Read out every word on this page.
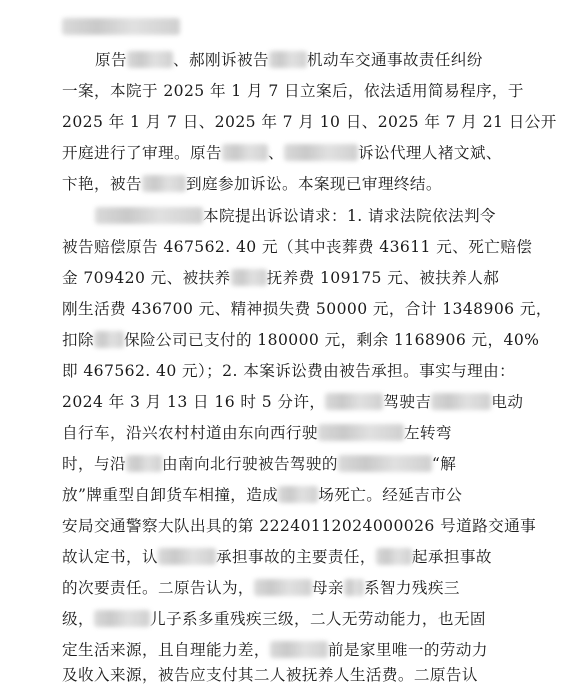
原告	、郝刚诉被告 机动车交通事故责任纠纷
一案，本院于 2025 年 1 月 7 日立案后，依法适用简易程序，于
2025 年 1 月 7 日、2025 年 7 月 10 日、2025 年 7 月 21 日公开
开庭进行了审理。原告	、	诉讼代理人褚文斌、
卞艳，被告	到庭参加诉讼。本案现已审理终结。
本院提出诉讼请求：1. 请求法院依法判令
被告赔偿原告 467562. 40 元（其中丧葬费 43611 元、死亡赔偿
金 709420 元、被扶养 抚养费 109175 元、被扶养人郝
刚生活费 436700 元、精神损失费 50000 元，合计 1348906 元，
扣除 保险公司已支付的 180000 元，剩余 1168906 元，40%
即 467562. 40 元）；2. 本案诉讼费由被告承担。事实与理由：
2024 年 3 月 13 日 16 时 5 分许，	驾驶吉	电动
自行车，沿兴农村村道由东向西行驶	左转弯
时，与沿 由南向北行驶被告驾驶的	“解
放”牌重型自卸货车相撞，造成	场死亡。经延吉市公
安局交通警察大队出具的第 22240112024000026 号道路交通事
故认定书，认	承担事故的主要责任， 起承担事故
的次要责任。二原告认为，	母亲 系智力残疾三
级，	儿子系多重残疾三级，二人无劳动能力，也无固
定生活来源，且自理能力差，	前是家里唯一的劳动力
及收入来源，被告应支付其二人被抚养人生活费。二原告认
